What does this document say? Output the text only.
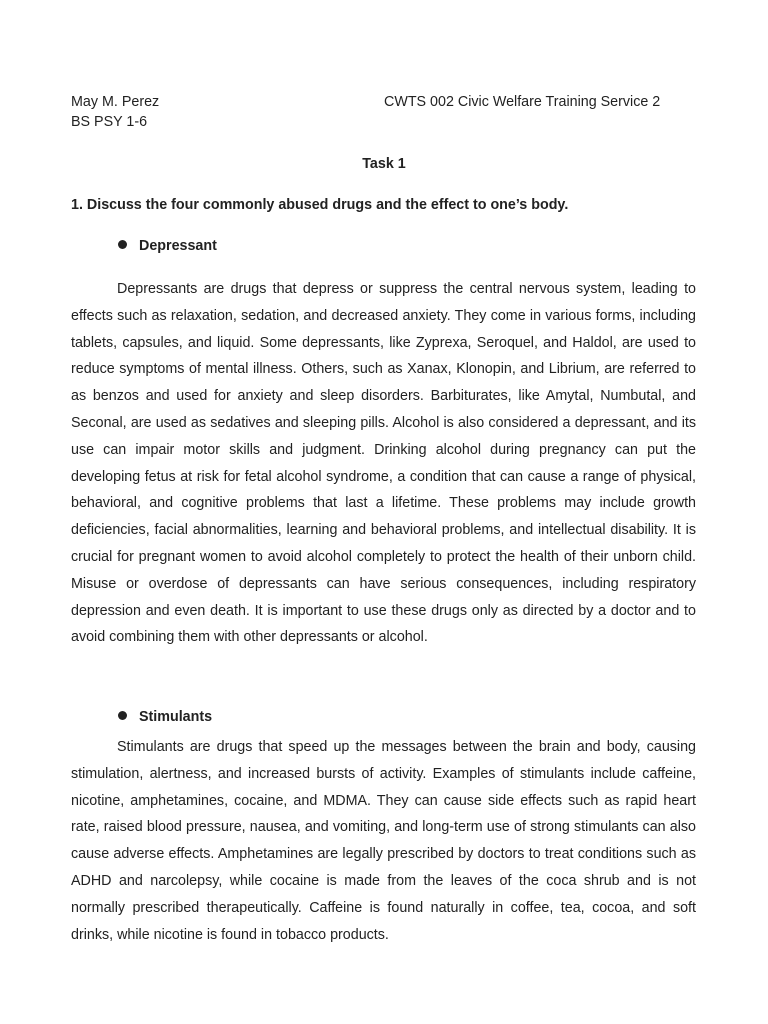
May M. Perez
BS PSY 1-6
CWTS 002 Civic Welfare Training Service 2
Task 1
1. Discuss the four commonly abused drugs and the effect to one’s body.
Depressant
Depressants are drugs that depress or suppress the central nervous system, leading to effects such as relaxation, sedation, and decreased anxiety. They come in various forms, including tablets, capsules, and liquid. Some depressants, like Zyprexa, Seroquel, and Haldol, are used to reduce symptoms of mental illness. Others, such as Xanax, Klonopin, and Librium, are referred to as benzos and used for anxiety and sleep disorders. Barbiturates, like Amytal, Numbutal, and Seconal, are used as sedatives and sleeping pills. Alcohol is also considered a depressant, and its use can impair motor skills and judgment. Drinking alcohol during pregnancy can put the developing fetus at risk for fetal alcohol syndrome, a condition that can cause a range of physical, behavioral, and cognitive problems that last a lifetime. These problems may include growth deficiencies, facial abnormalities, learning and behavioral problems, and intellectual disability. It is crucial for pregnant women to avoid alcohol completely to protect the health of their unborn child. Misuse or overdose of depressants can have serious consequences, including respiratory depression and even death. It is important to use these drugs only as directed by a doctor and to avoid combining them with other depressants or alcohol.
Stimulants
Stimulants are drugs that speed up the messages between the brain and body, causing stimulation, alertness, and increased bursts of activity. Examples of stimulants include caffeine, nicotine, amphetamines, cocaine, and MDMA. They can cause side effects such as rapid heart rate, raised blood pressure, nausea, and vomiting, and long-term use of strong stimulants can also cause adverse effects. Amphetamines are legally prescribed by doctors to treat conditions such as ADHD and narcolepsy, while cocaine is made from the leaves of the coca shrub and is not normally prescribed therapeutically. Caffeine is found naturally in coffee, tea, cocoa, and soft drinks, while nicotine is found in tobacco products.
